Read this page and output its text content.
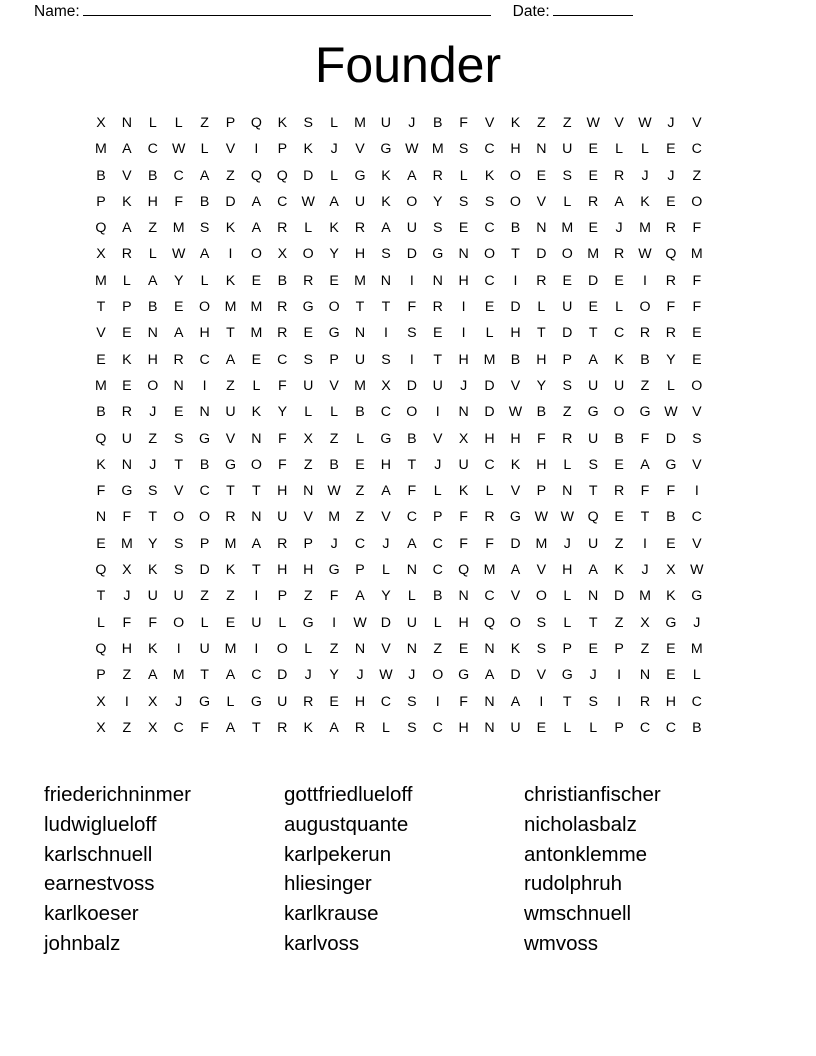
Name:	Date:
Founder
X	N	L	L	Z	P	Q	K	S	L	M	U	J	B	F	V	K	Z	Z	W	V	W	J	V	
M	A	C	W	L	V	I	P	K	J	V	G	W	M	S	C	H	N	U	E	L	L	E	C	
B	V	B	C	A	Z	Q	Q	D	L	G	K	A	R	L	K	O	E	S	E	R	J	J	Z	
P	K	H	F	B	D	A	C	W	A	U	K	O	Y	S	S	O	V	L	R	A	K	E	O	
Q	A	Z	M	S	K	A	R	L	K	R	A	U	S	E	C	B	N	M	E	J	M	R	F	
X	R	L	W	A	I	O	X	O	Y	H	S	D	G	N	O	T	D	O	M	R	W	Q	M	
M	L	A	Y	L	K	E	B	R	E	M	N	I	N	H	C	I	R	E	D	E	I	R	F	
T	P	B	E	O	M	M	R	G	O	T	T	F	R	I	E	D	L	U	E	L	O	F	F	
V	E	N	A	H	T	M	R	E	G	N	I	S	E	I	L	H	T	D	T	C	R	R	E	
E	K	H	R	C	A	E	C	S	P	U	S	I	T	H	M	B	H	P	A	K	B	Y	E	
M	E	O	N	I	Z	L	F	U	V	M	X	D	U	J	D	V	Y	S	U	U	Z	L	O	
B	R	J	E	N	U	K	Y	L	L	B	C	O	I	N	D	W	B	Z	G	O	G	W	V	
Q	U	Z	S	G	V	N	F	X	Z	L	G	B	V	X	H	H	F	R	U	B	F	D	S	
K	N	J	T	B	G	O	F	Z	B	E	H	T	J	U	C	K	H	L	S	E	A	G	V	
F	G	S	V	C	T	T	H	N	W	Z	A	F	L	K	L	V	P	N	T	R	F	F	I	
N	F	T	O	O	R	N	U	V	M	Z	V	C	P	F	R	G	W	W	Q	E	T	B	C	
E	M	Y	S	P	M	A	R	P	J	C	J	A	C	F	F	D	M	J	U	Z	I	E	V	
Q	X	K	S	D	K	T	H	H	G	P	L	N	C	Q	M	A	V	H	A	K	J	X	W	
T	J	U	U	Z	Z	I	P	Z	F	A	Y	L	B	N	C	V	O	L	N	D	M	K	G	
L	F	F	O	L	E	U	L	G	I	W	D	U	L	H	Q	O	S	L	T	Z	X	G	J	
Q	H	K	I	U	M	I	O	L	Z	N	V	N	Z	E	N	K	S	P	E	P	Z	E	M	
P	Z	A	M	T	A	C	D	J	Y	J	W	J	O	G	A	D	V	G	J	I	N	E	L	
X	I	X	J	G	L	G	U	R	E	H	C	S	I	F	N	A	I	T	S	I	R	H	C	
X	Z	X	C	F	A	T	R	K	A	R	L	S	C	H	N	U	E	L	L	P	C	C	B	
friederichninmer
ludwiglueloff
karlschnuell
earnestvoss
karlkoeser
johnbalz
gottfriedlueloff
augustquante
karlpekerun
hliesinger
karlkrause
karlvoss
christianfischer
nicholasbalz
antonklemme
rudolphruh
wmschnuell
wmvoss
